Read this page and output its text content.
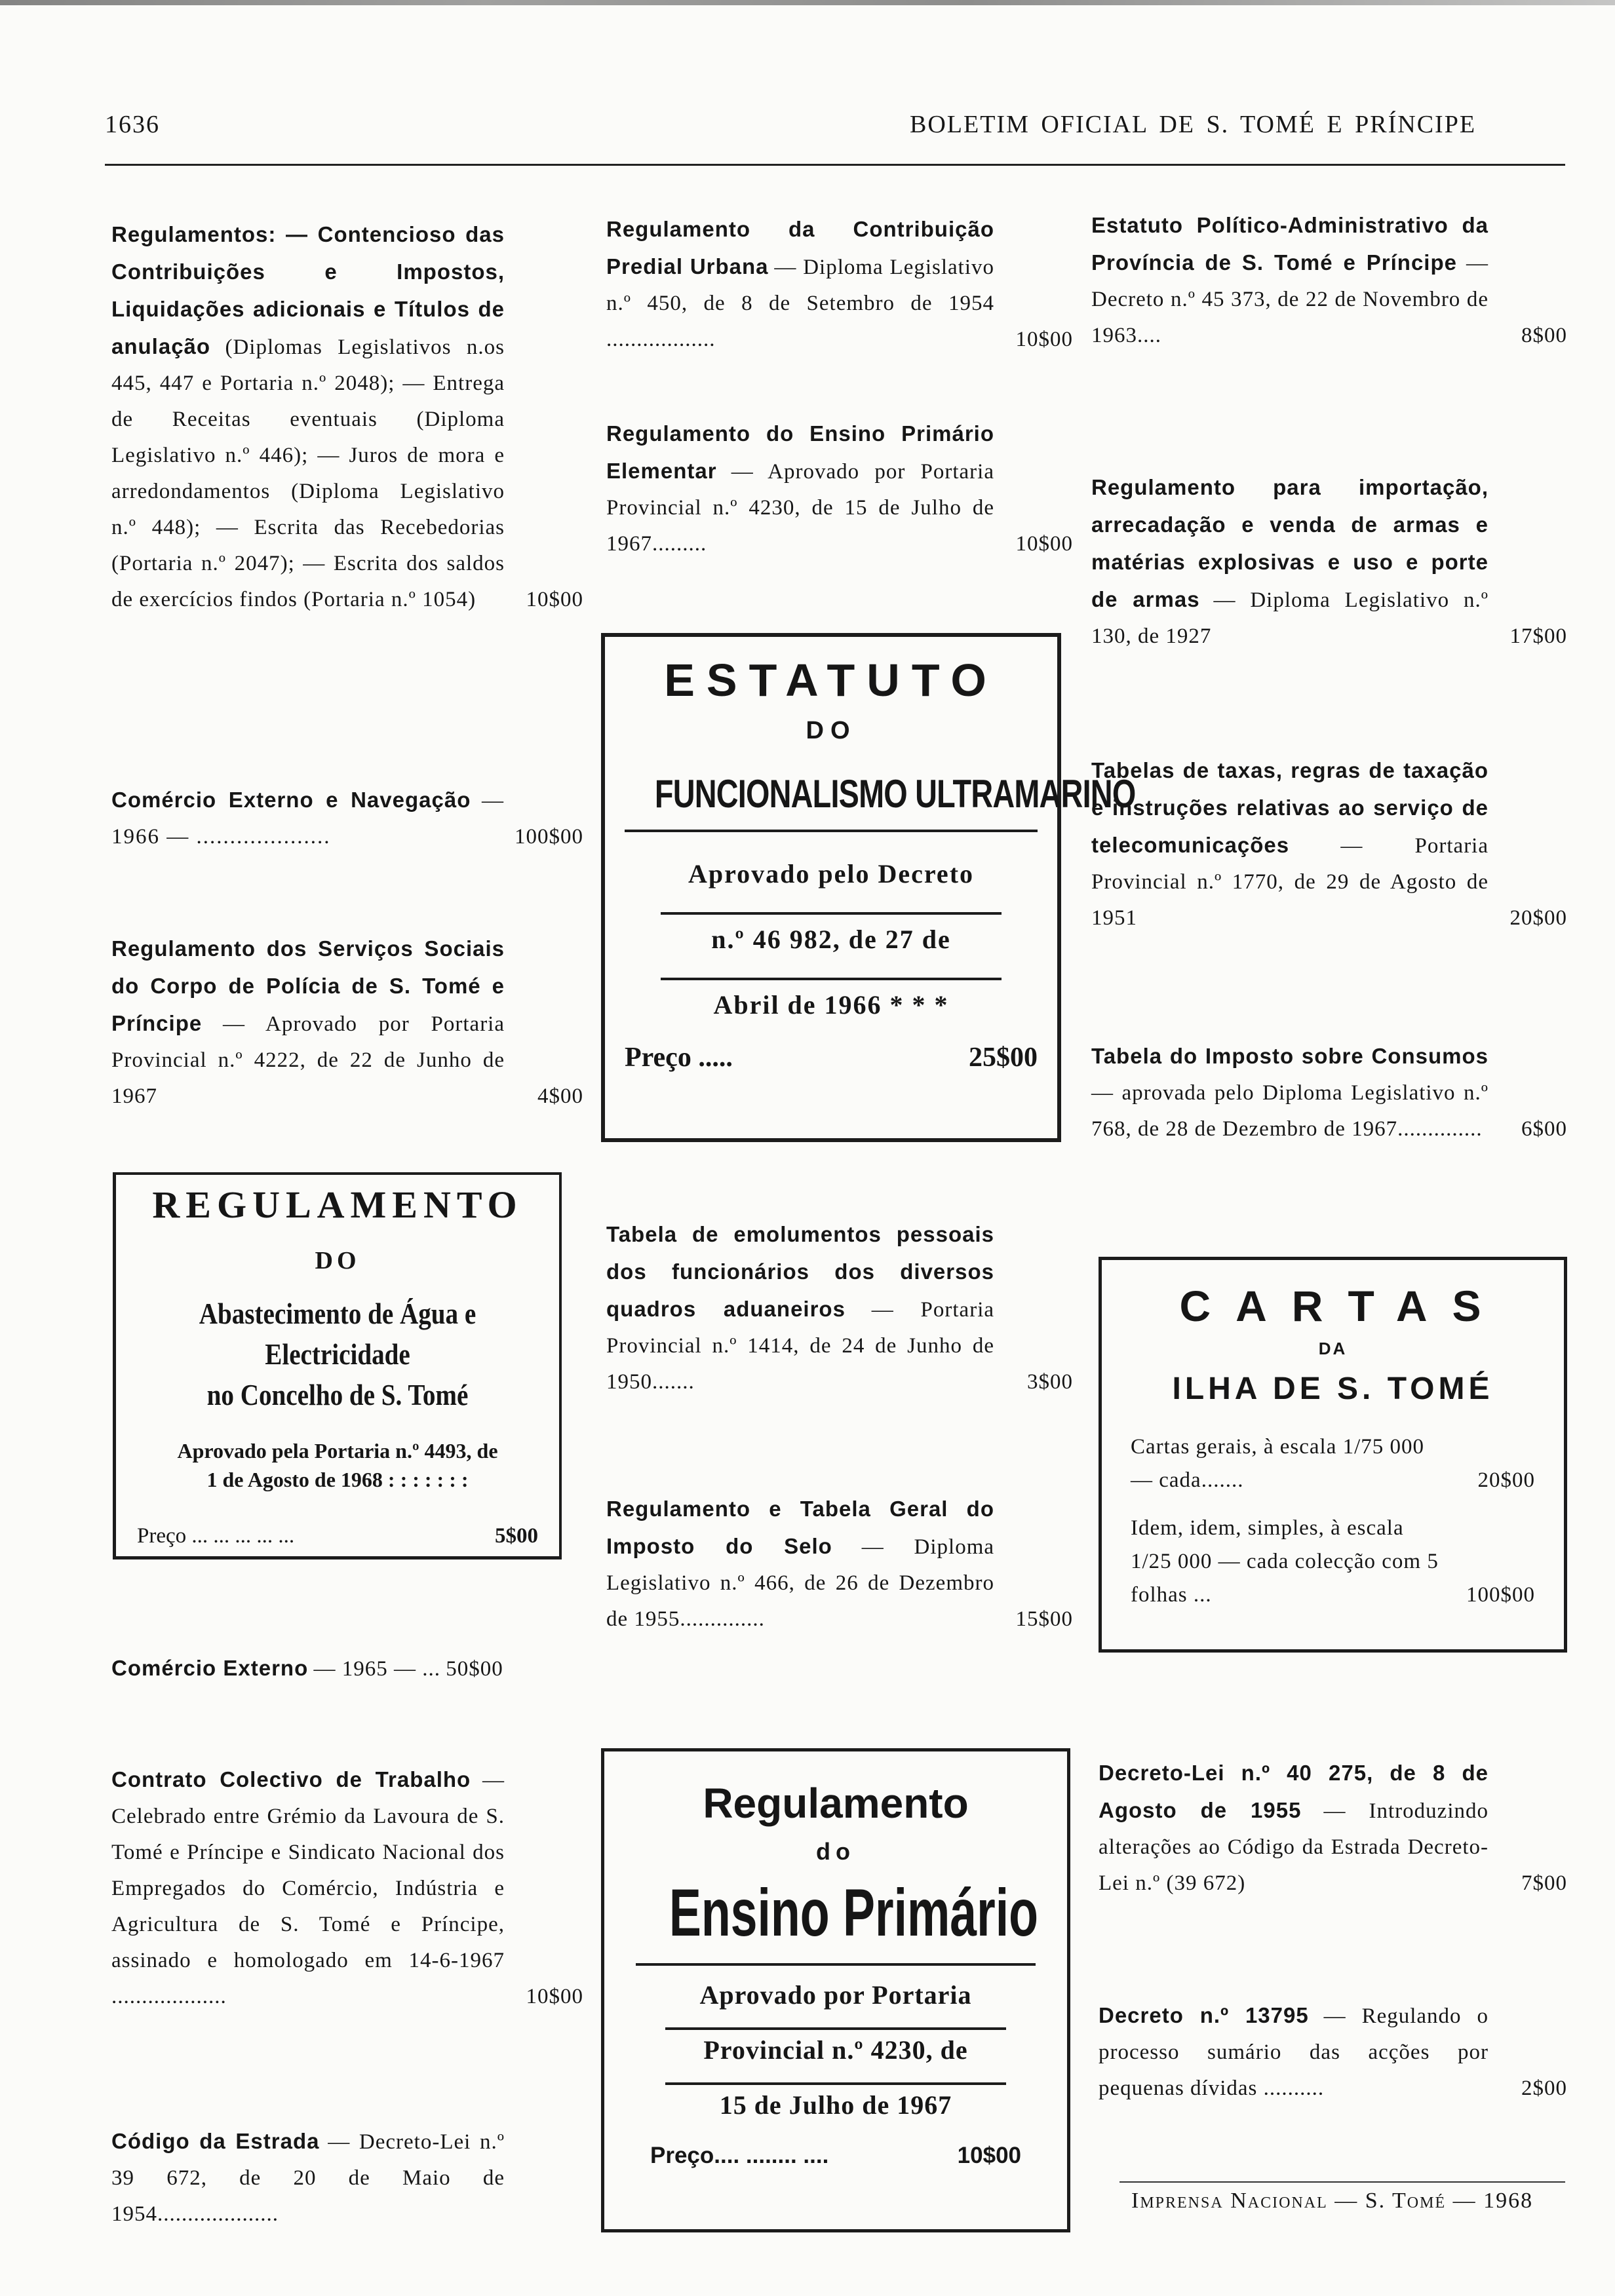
1636	BOLETIM OFICIAL DE S. TOMÉ E PRÍNCIPE
Regulamentos: — Contencioso das Contribuições e Impostos, Liquidações adicionais e Títulos de anulação (Diplomas Legislativos n.os 445, 447 e Portaria n.º 2048); — Entrega de Receitas eventuais (Diploma Legislativo n.º 446); — Juros de mora e arredondamentos (Diploma Legislativo n.º 448); — Escrita das Recebedorias (Portaria n.º 2047); — Escrita dos saldos de exercícios findos (Portaria n.º 1054)	10$00
Comércio Externo e Navegação — 1966 — ....................	100$00
Regulamento dos Serviços Sociais do Corpo de Polícia de S. Tomé e Príncipe — Aprovado por Portaria Provincial n.º 4222, de 22 de Junho de 1967	4$00
REGULAMENTO
DO
Abastecimento de Água e Electricidade
no Concelho de S. Tomé
Aprovado pela Portaria n.º 4493, de
1 de Agosto de 1968 : : : : : : :
Preço ... ... ... ... ...	5$00
Comércio Externo — 1965 — ... 50$00
Contrato Colectivo de Trabalho — Celebrado entre Grémio da Lavoura de S. Tomé e Príncipe e Sindicato Nacional dos Empregados do Comércio, Indústria e Agricultura de S. Tomé e Príncipe, assinado e homologado em 14-6-1967 ...................	10$00
Código da Estrada — Decreto-Lei n.º 39 672, de 20 de Maio de 1954....................
Regulamento da Contribuição Predial Urbana — Diploma Legislativo n.º 450, de 8 de Setembro de 1954 ..................	10$00
Regulamento do Ensino Primário Elementar — Aprovado por Portaria Provincial n.º 4230, de 15 de Julho de 1967.........	10$00
ESTATUTO
DO
FUNCIONALISMO ULTRAMARINO
Aprovado pelo Decreto
n.º 46 982, de 27 de
Abril de 1966 * * *
Preço .....	25$00
Tabela de emolumentos pessoais dos funcionários dos diversos quadros aduaneiros — Portaria Provincial n.º 1414, de 24 de Junho de 1950.......	3$00
Regulamento e Tabela Geral do Imposto do Selo — Diploma Legislativo n.º 466, de 26 de Dezembro de 1955..............	15$00
Regulamento
do
Ensino Primário
Aprovado por Portaria
Provincial n.º 4230, de
15 de Julho de 1967
Preço.... ........ ....	10$00
Estatuto Político-Administrativo da Província de S. Tomé e Príncipe — Decreto n.º 45 373, de 22 de Novembro de 1963....	8$00
Regulamento para importação, arrecadação e venda de armas e matérias explosivas e uso e porte de armas — Diploma Legislativo n.º 130, de 1927	17$00
Tabelas de taxas, regras de taxação e instruções relativas ao serviço de telecomunicações — Portaria Provincial n.º 1770, de 29 de Agosto de 1951	20$00
Tabela do Imposto sobre Consumos — aprovada pelo Diploma Legislativo n.º 768, de 28 de Dezembro de 1967.............. 6$00
CARTAS
DA
ILHA DE S. TOMÉ
Cartas gerais, à escala 1/75 000 — cada.......	20$00
Idem, idem, simples, à escala 1/25 000 — cada colecção com 5 folhas ...	100$00
Decreto-Lei n.º 40 275, de 8 de Agosto de 1955 — Introduzindo alterações ao Código da Estrada Decreto-Lei n.º (39 672)	7$00
Decreto n.º 13795 — Regulando o processo sumário das acções por pequenas dívidas ..........	2$00
Imprensa Nacional — S. Tomé — 1968
